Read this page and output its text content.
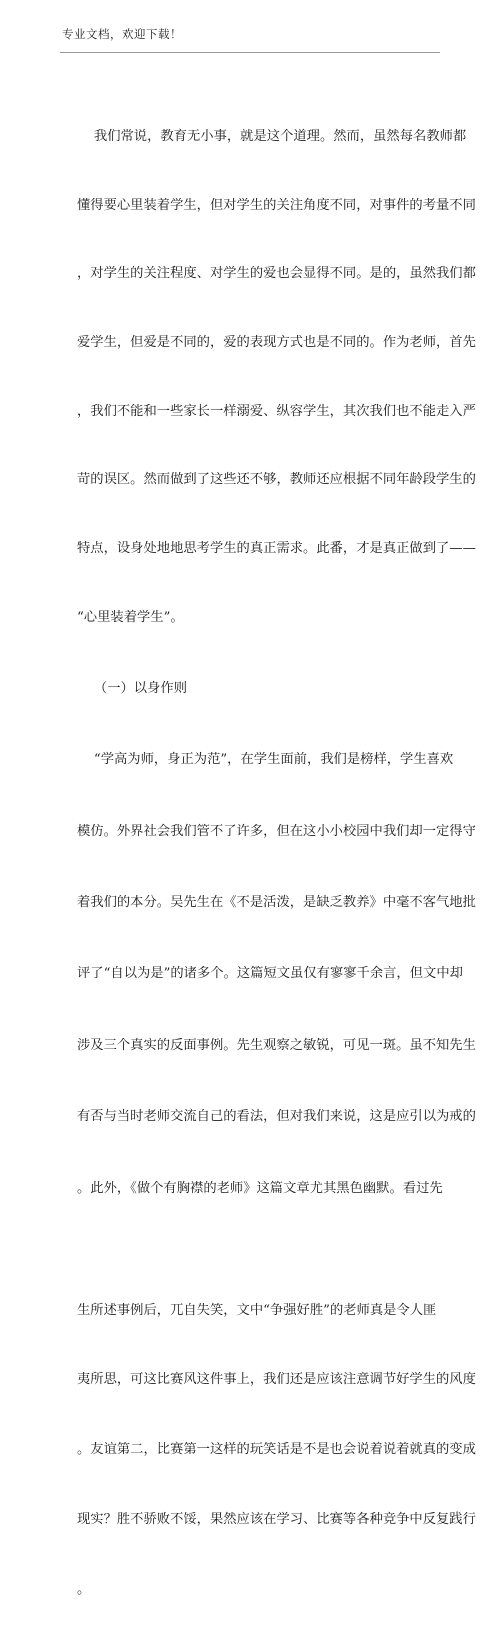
专业文档，欢迎下载！

我们常说，教育无小事，就是这个道理。然而，虽然每名教师都

懂得要心里装着学生，但对学生的关注角度不同，对事件的考量不同

，对学生的关注程度、对学生的爱也会显得不同。是的，虽然我们都

爱学生，但爱是不同的，爱的表现方式也是不同的。作为老师，首先

，我们不能和一些家长一样溺爱、纵容学生，其次我们也不能走入严

苛的误区。然而做到了这些还不够，教师还应根据不同年龄段学生的

特点，设身处地地思考学生的真正需求。此番，才是真正做到了——

“心里装着学生”。

（一）以身作则

“学高为师，身正为范”，在学生面前，我们是榜样，学生喜欢

模仿。外界社会我们管不了许多，但在这小小校园中我们却一定得守

着我们的本分。吴先生在《不是活泼，是缺乏教养》中毫不客气地批

评了“自以为是”的诸多个。这篇短文虽仅有寥寥千余言，但文中却

涉及三个真实的反面事例。先生观察之敏锐，可见一斑。虽不知先生

有否与当时老师交流自己的看法，但对我们来说，这是应引以为戒的

。此外，《做个有胸襟的老师》这篇文章尤其黑色幽默。看过先

生所述事例后，兀自失笑，文中“争强好胜”的老师真是令人匪

夷所思，可这比赛风这件事上，我们还是应该注意调节好学生的风度

。友谊第二，比赛第一这样的玩笑话是不是也会说着说着就真的变成

现实？胜不骄败不馁，果然应该在学习、比赛等各种竞争中反复践行

。
